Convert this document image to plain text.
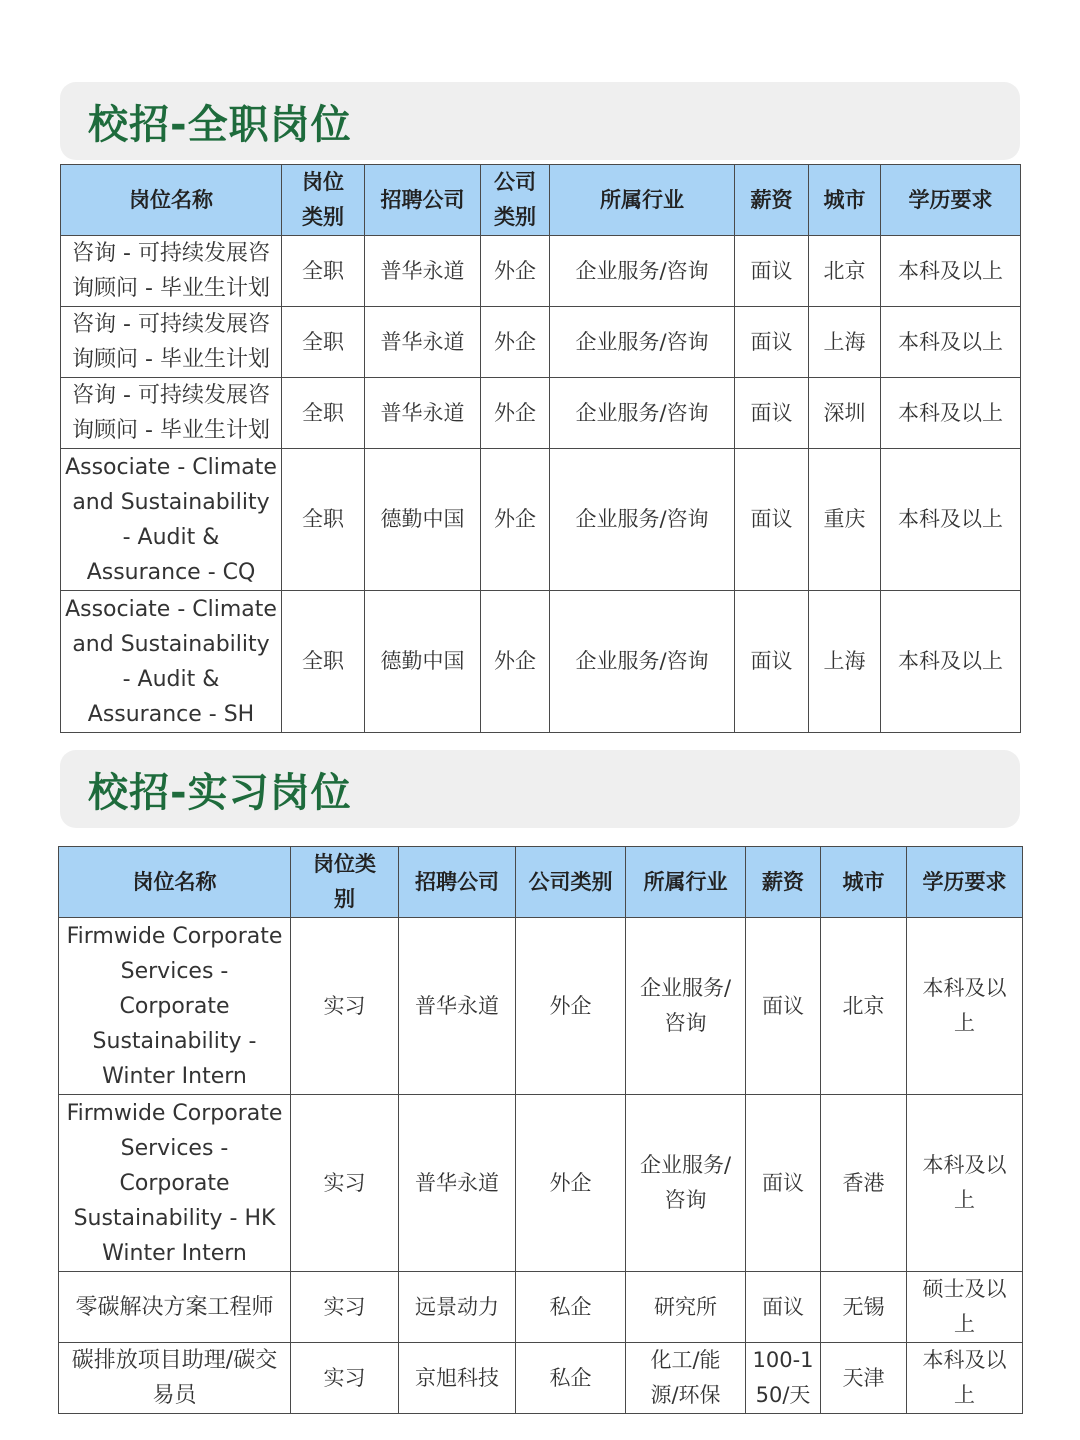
校招-全职岗位
岗位名称	岗位类别	招聘公司	公司类别	所属行业	薪资	城市	学历要求
咨询 - 可持续发展咨询顾问 - 毕业生计划	全职	普华永道	外企	企业服务/咨询	面议	北京	本科及以上
咨询 - 可持续发展咨询顾问 - 毕业生计划	全职	普华永道	外企	企业服务/咨询	面议	上海	本科及以上
咨询 - 可持续发展咨询顾问 - 毕业生计划	全职	普华永道	外企	企业服务/咨询	面议	深圳	本科及以上
Associate - Climate and Sustainability - Audit & Assurance - CQ	全职	德勤中国	外企	企业服务/咨询	面议	重庆	本科及以上
Associate - Climate and Sustainability - Audit & Assurance - SH	全职	德勤中国	外企	企业服务/咨询	面议	上海	本科及以上
校招-实习岗位
岗位名称	岗位类别	招聘公司	公司类别	所属行业	薪资	城市	学历要求
Firmwide Corporate Services - Corporate Sustainability - Winter Intern	实习	普华永道	外企	企业服务/咨询	面议	北京	本科及以上
Firmwide Corporate Services - Corporate Sustainability - HK Winter Intern	实习	普华永道	外企	企业服务/咨询	面议	香港	本科及以上
零碳解决方案工程师	实习	远景动力	私企	研究所	面议	无锡	硕士及以上
碳排放项目助理/碳交易员	实习	京旭科技	私企	化工/能源/环保	100-150/天	天津	本科及以上
